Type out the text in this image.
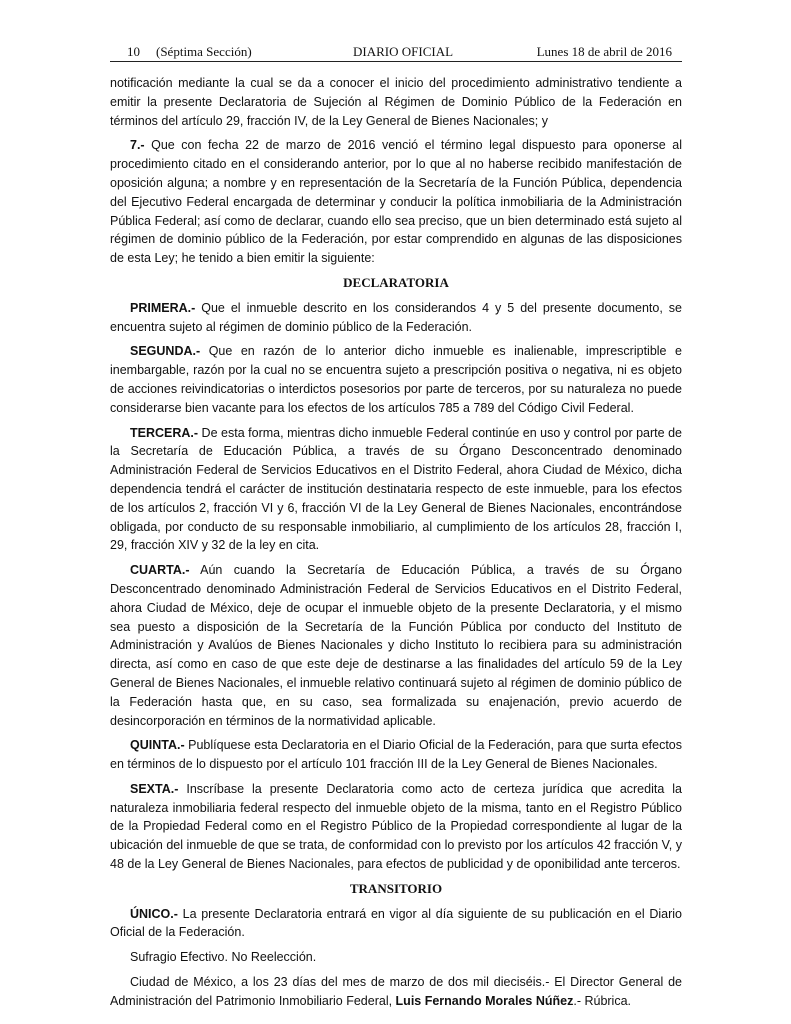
10 (Séptima Sección)	DIARIO OFICIAL	Lunes 18 de abril de 2016

notificación mediante la cual se da a conocer el inicio del procedimiento administrativo tendiente a emitir la presente Declaratoria de Sujeción al Régimen de Dominio Público de la Federación en términos del artículo 29, fracción IV, de la Ley General de Bienes Nacionales; y

7.- Que con fecha 22 de marzo de 2016 venció el término legal dispuesto para oponerse al procedimiento citado en el considerando anterior, por lo que al no haberse recibido manifestación de oposición alguna; a nombre y en representación de la Secretaría de la Función Pública, dependencia del Ejecutivo Federal encargada de determinar y conducir la política inmobiliaria de la Administración Pública Federal; así como de declarar, cuando ello sea preciso, que un bien determinado está sujeto al régimen de dominio público de la Federación, por estar comprendido en algunas de las disposiciones de esta Ley; he tenido a bien emitir la siguiente:

DECLARATORIA

PRIMERA.- Que el inmueble descrito en los considerandos 4 y 5 del presente documento, se encuentra sujeto al régimen de dominio público de la Federación.

SEGUNDA.- Que en razón de lo anterior dicho inmueble es inalienable, imprescriptible e inembargable, razón por la cual no se encuentra sujeto a prescripción positiva o negativa, ni es objeto de acciones reivindicatorias o interdictos posesorios por parte de terceros, por su naturaleza no puede considerarse bien vacante para los efectos de los artículos 785 a 789 del Código Civil Federal.

TERCERA.- De esta forma, mientras dicho inmueble Federal continúe en uso y control por parte de la Secretaría de Educación Pública, a través de su Órgano Desconcentrado denominado Administración Federal de Servicios Educativos en el Distrito Federal, ahora Ciudad de México, dicha dependencia tendrá el carácter de institución destinataria respecto de este inmueble, para los efectos de los artículos 2, fracción VI y 6, fracción VI de la Ley General de Bienes Nacionales, encontrándose obligada, por conducto de su responsable inmobiliario, al cumplimiento de los artículos 28, fracción I, 29, fracción XIV y 32 de la ley en cita.

CUARTA.- Aún cuando la Secretaría de Educación Pública, a través de su Órgano Desconcentrado denominado Administración Federal de Servicios Educativos en el Distrito Federal, ahora Ciudad de México, deje de ocupar el inmueble objeto de la presente Declaratoria, y el mismo sea puesto a disposición de la Secretaría de la Función Pública por conducto del Instituto de Administración y Avalúos de Bienes Nacionales y dicho Instituto lo recibiera para su administración directa, así como en caso de que este deje de destinarse a las finalidades del artículo 59 de la Ley General de Bienes Nacionales, el inmueble relativo continuará sujeto al régimen de dominio público de la Federación hasta que, en su caso, sea formalizada su enajenación, previo acuerdo de desincorporación en términos de la normatividad aplicable.

QUINTA.- Publíquese esta Declaratoria en el Diario Oficial de la Federación, para que surta efectos en términos de lo dispuesto por el artículo 101 fracción III de la Ley General de Bienes Nacionales.

SEXTA.- Inscríbase la presente Declaratoria como acto de certeza jurídica que acredita la naturaleza inmobiliaria federal respecto del inmueble objeto de la misma, tanto en el Registro Público de la Propiedad Federal como en el Registro Público de la Propiedad correspondiente al lugar de la ubicación del inmueble de que se trata, de conformidad con lo previsto por los artículos 42 fracción V, y 48 de la Ley General de Bienes Nacionales, para efectos de publicidad y de oponibilidad ante terceros.

TRANSITORIO

ÚNICO.- La presente Declaratoria entrará en vigor al día siguiente de su publicación en el Diario Oficial de la Federación.

Sufragio Efectivo. No Reelección.

Ciudad de México, a los 23 días del mes de marzo de dos mil dieciséis.- El Director General de Administración del Patrimonio Inmobiliario Federal, Luis Fernando Morales Núñez.- Rúbrica.
